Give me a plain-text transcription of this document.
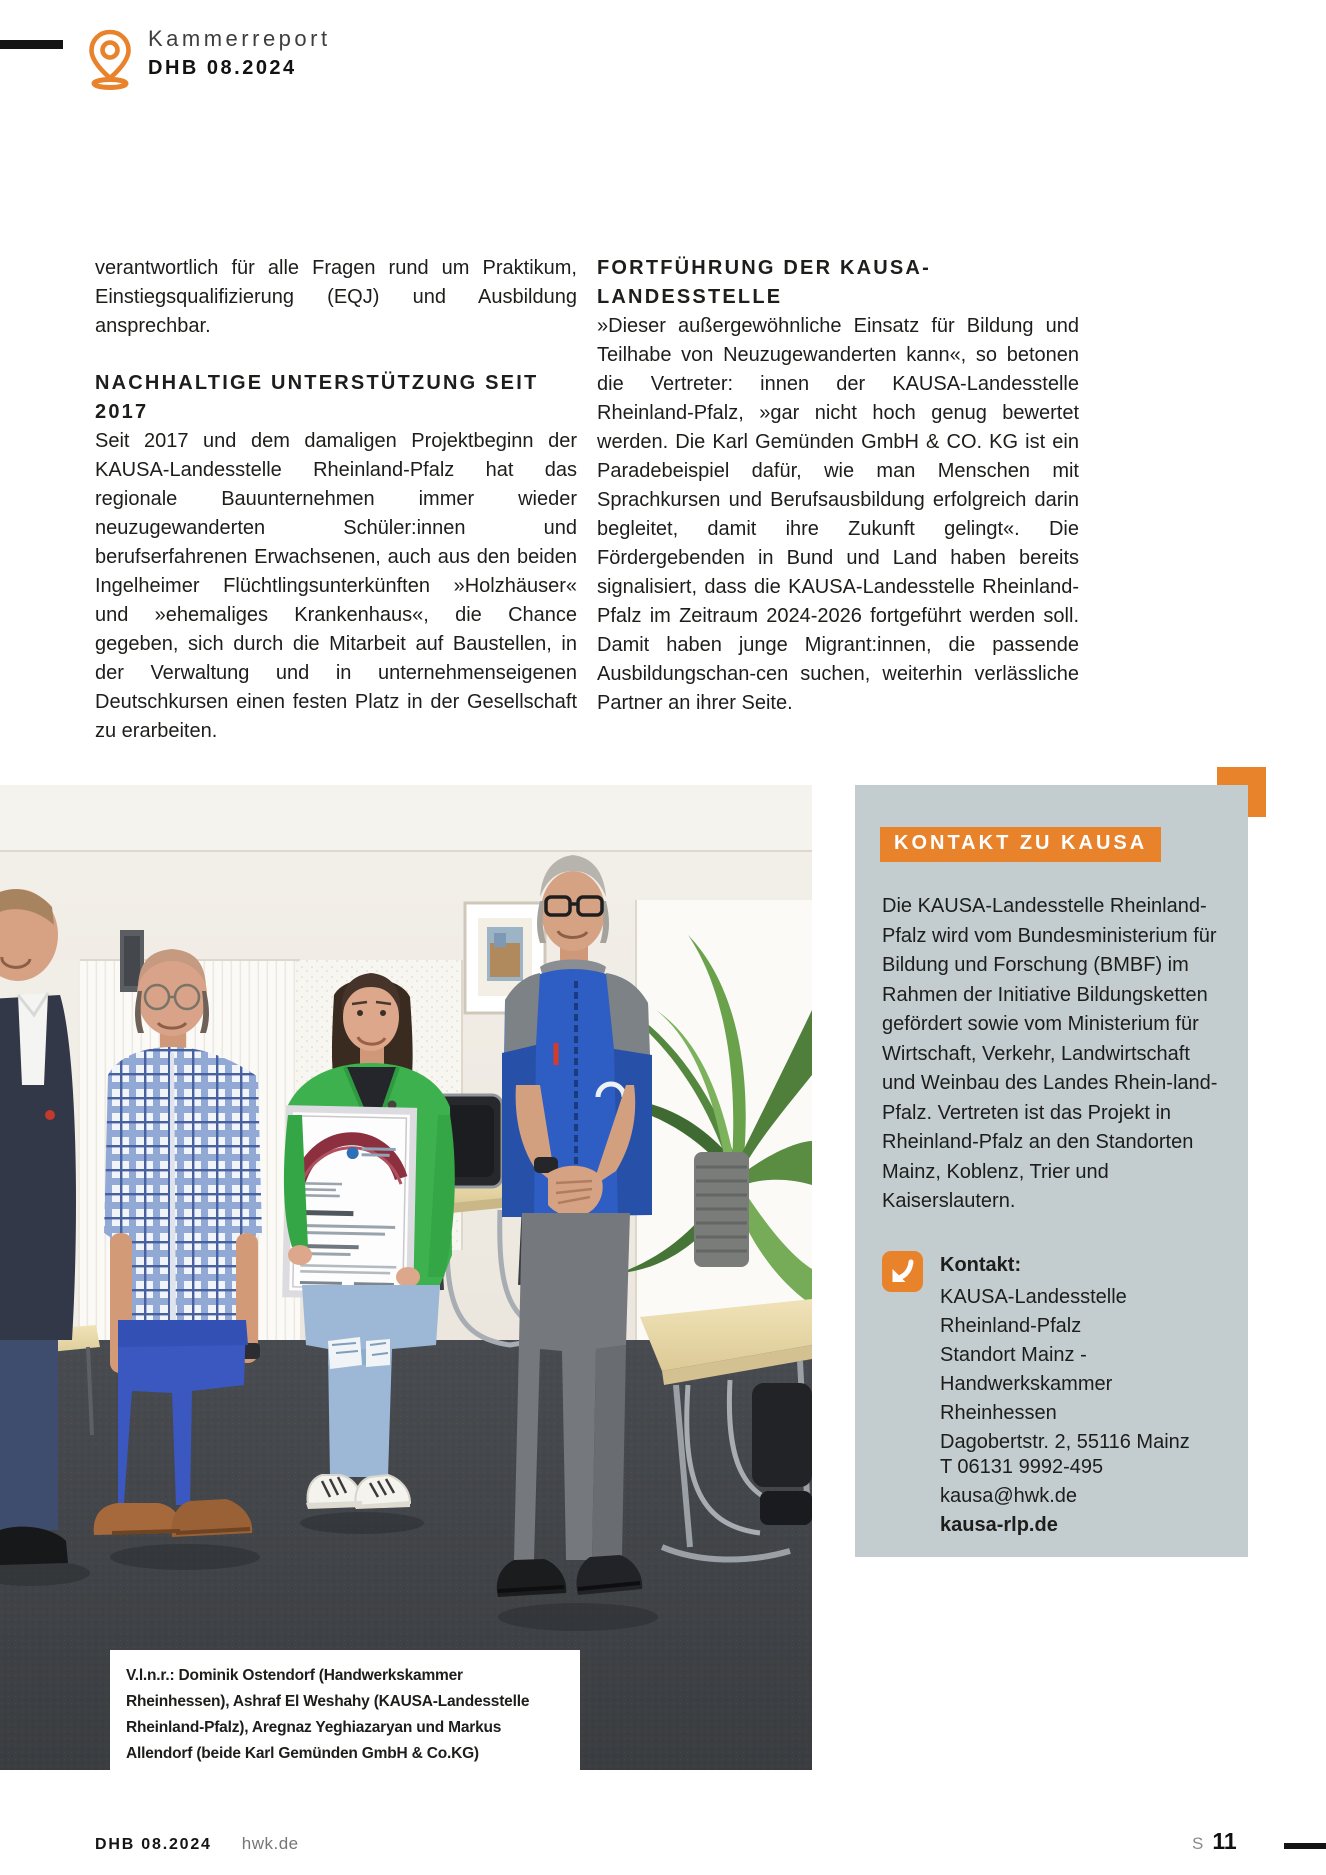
Kammerreport
DHB 08.2024

verantwortlich für alle Fragen rund um Praktikum, Einstiegsqualifizierung (EQJ) und Ausbildung ansprechbar.

NACHHALTIGE UNTERSTÜTZUNG SEIT 2017

Seit 2017 und dem damaligen Projektbeginn der KAUSA-Landesstelle Rheinland-Pfalz hat das regionale Bauunternehmen immer wieder neuzugewanderten Schüler:innen und berufserfahrenen Erwachsenen, auch aus den beiden Ingelheimer Flüchtlingsunterkünften »Holzhäuser« und »ehemaliges Krankenhaus«, die Chance gegeben, sich durch die Mitarbeit auf Baustellen, in der Verwaltung und in unternehmenseigenen Deutschkursen einen festen Platz in der Gesellschaft zu erarbeiten.

FORTFÜHRUNG DER KAUSA-LANDESSTELLE

»Dieser außergewöhnliche Einsatz für Bildung und Teilhabe von Neuzugewanderten kann«, so betonen die Vertreter: innen der KAUSA-Landesstelle Rheinland-Pfalz, »gar nicht hoch genug bewertet werden. Die Karl Gemünden GmbH & CO. KG ist ein Paradebeispiel dafür, wie man Menschen mit Sprachkursen und Berufsausbildung erfolgreich darin begleitet, damit ihre Zukunft gelingt«. Die Fördergebenden in Bund und Land haben bereits signalisiert, dass die KAUSA-Landesstelle Rheinland-Pfalz im Zeitraum 2024-2026 fortgeführt werden soll. Damit haben junge Migrant:innen, die passende Ausbildungschan-cen suchen, weiterhin verlässliche Partner an ihrer Seite.

V.l.n.r.: Dominik Ostendorf (Handwerkskammer Rheinhessen), Ashraf El Weshahy (KAUSA-Landesstelle Rheinland-Pfalz), Aregnaz Yeghiazaryan und Markus Allendorf (beide Karl Gemünden GmbH & Co.KG)
KONTAKT ZU KAUSA
Die KAUSA-Landesstelle Rheinland-Pfalz wird vom Bundesministerium für Bildung und Forschung (BMBF) im Rahmen der Initiative Bildungsketten gefördert sowie vom Ministerium für Wirtschaft, Verkehr, Landwirtschaft und Weinbau des Landes Rhein-land-Pfalz. Vertreten ist das Projekt in Rheinland-Pfalz an den Standorten Mainz, Koblenz, Trier und Kaiserslautern.
Kontakt:
KAUSA-Landesstelle Rheinland-Pfalz
Standort Mainz -
Handwerkskammer Rheinhessen
Dagobertstr. 2, 55116 Mainz
T 06131 9992-495
kausa@hwk.de
kausa-rlp.de
DHB 08.2024 hwk.de	S 11
